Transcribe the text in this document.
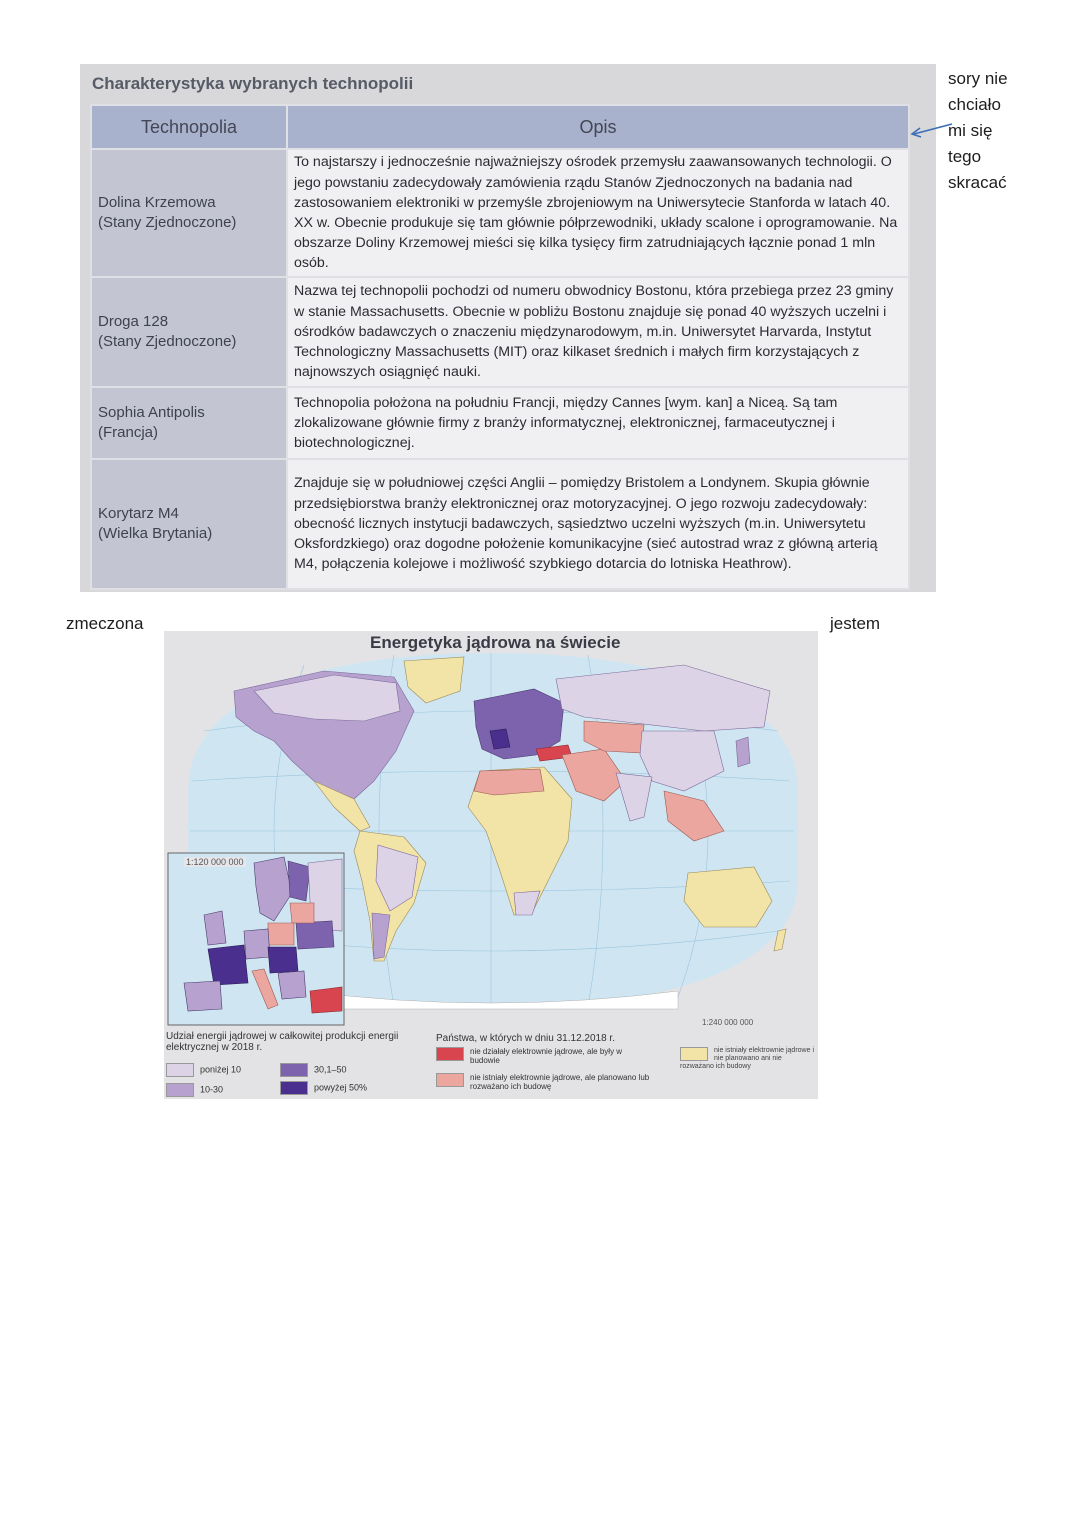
Charakterystyka wybranych technopolii
Technopolia	Opis
Dolina Krzemowa
(Stany Zjednoczone)	To najstarszy i jednocześnie najważniejszy ośrodek przemysłu zaawansowanych technologii. O jego powstaniu zadecydowały zamówienia rządu Stanów Zjednoczonych na badania nad zastosowaniem elektroniki w przemyśle zbrojeniowym na Uniwersytecie Stanforda w latach 40. XX w. Obecnie produkuje się tam głównie półprzewodniki, układy scalone i oprogramowanie. Na obszarze Doliny Krzemowej mieści się kilka tysięcy firm zatrudniających łącznie ponad 1 mln osób.
Droga 128
(Stany Zjednoczone)	Nazwa tej technopolii pochodzi od numeru obwodnicy Bostonu, która przebiega przez 23 gminy w stanie Massachusetts. Obecnie w pobliżu Bostonu znajduje się ponad 40 wyższych uczelni i ośrodków badawczych o znaczeniu międzynarodowym, m.in. Uniwersytet Harvarda, Instytut Technologiczny Massachusetts (MIT) oraz kilkaset średnich i małych firm korzystających z najnowszych osiągnięć nauki.
Sophia Antipolis
(Francja)	Technopolia położona na południu Francji, między Cannes [wym. kan] a Niceą. Są tam zlokalizowane głównie firmy z branży informatycznej, elektronicznej, farmaceutycznej i biotechnologicznej.
Korytarz M4
(Wielka Brytania)	Znajduje się w południowej części Anglii – pomiędzy Bristolem a Londynem. Skupia głównie przedsiębiorstwa branży elektronicznej oraz motoryzacyjnej. O jego rozwoju zadecydowały: obecność licznych instytucji badawczych, sąsiedztwo uczelni wyższych (m.in. Uniwersytetu Oksfordzkiego) oraz dogodne położenie komunikacyjne (sieć autostrad wraz z główną arterią M4, połączenia kolejowe i możliwość szybkiego dotarcia do lotniska Heathrow).
sory nie
chciało
mi się
tego
skracać
zmeczona	jestem
Energetyka jądrowa na świecie
1:120 000 000
1:240 000 000
Udział energii jądrowej w całkowitej produkcji energii elektrycznej w 2018 r.
poniżej 10
10-30
30,1–50
powyżej 50%
Państwa, w których w dniu 31.12.2018 r.
nie działały elektrownie jądrowe, ale były w budowie
nie istniały elektrownie jądrowe, ale planowano lub rozważano ich budowę
nie istniały elektrownie jądrowe i nie planowano ani nie rozważano ich budowy
